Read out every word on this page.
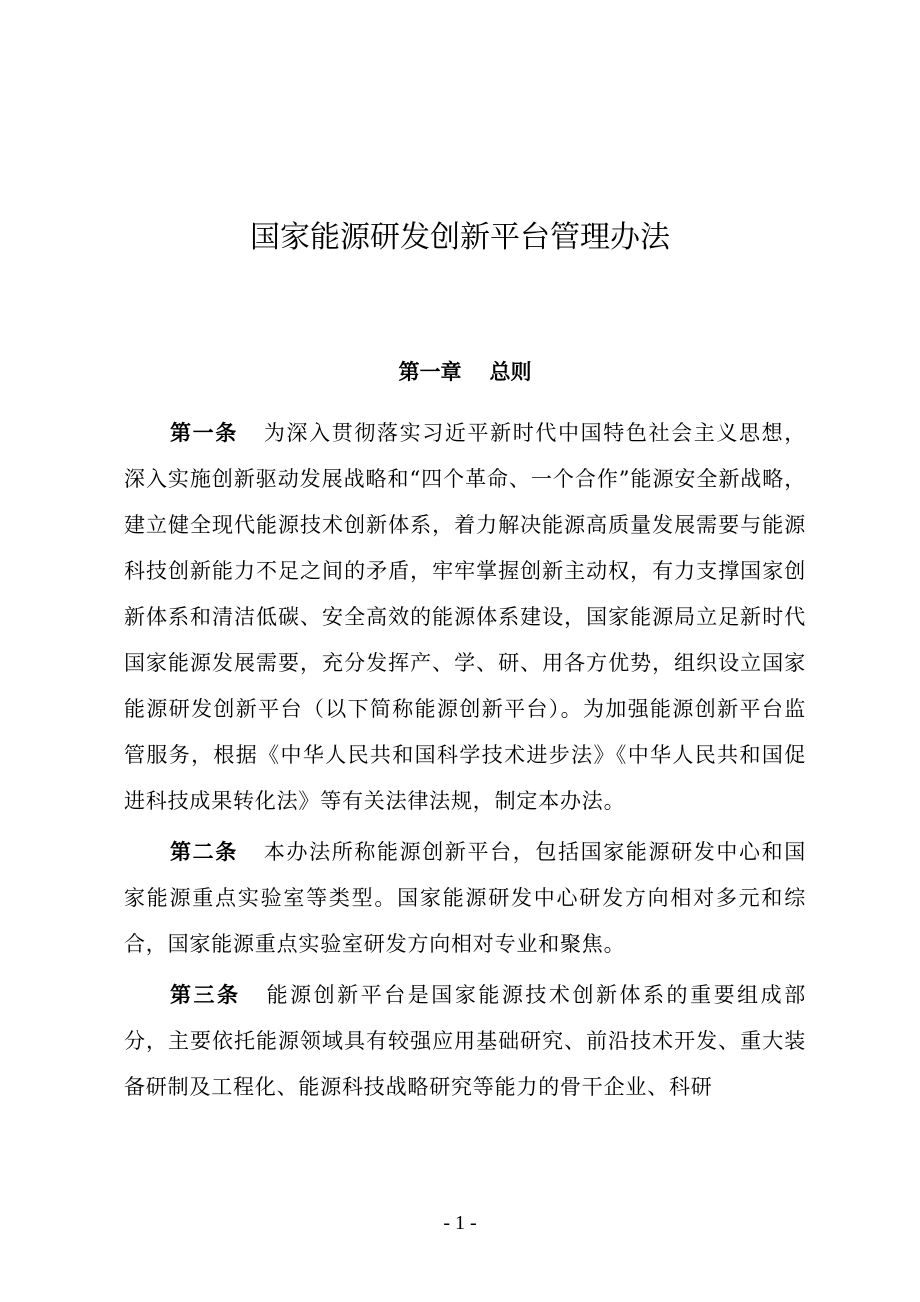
国家能源研发创新平台管理办法
第一章 总则

第一条 为深入贯彻落实习近平新时代中国特色社会主义思想，深入实施创新驱动发展战略和“四个革命、一个合作”能源安全新战略，建立健全现代能源技术创新体系，着力解决能源高质量发展需要与能源科技创新能力不足之间的矛盾，牢牢掌握创新主动权，有力支撑国家创新体系和清洁低碳、安全高效的能源体系建设，国家能源局立足新时代国家能源发展需要，充分发挥产、学、研、用各方优势，组织设立国家能源研发创新平台（以下简称能源创新平台）。为加强能源创新平台监管服务，根据《中华人民共和国科学技术进步法》《中华人民共和国促进科技成果转化法》等有关法律法规，制定本办法。

第二条 本办法所称能源创新平台，包括国家能源研发中心和国家能源重点实验室等类型。国家能源研发中心研发方向相对多元和综合，国家能源重点实验室研发方向相对专业和聚焦。

第三条 能源创新平台是国家能源技术创新体系的重要组成部分，主要依托能源领域具有较强应用基础研究、前沿技术开发、重大装备研制及工程化、能源科技战略研究等能力的骨干企业、科研

- 1 -
